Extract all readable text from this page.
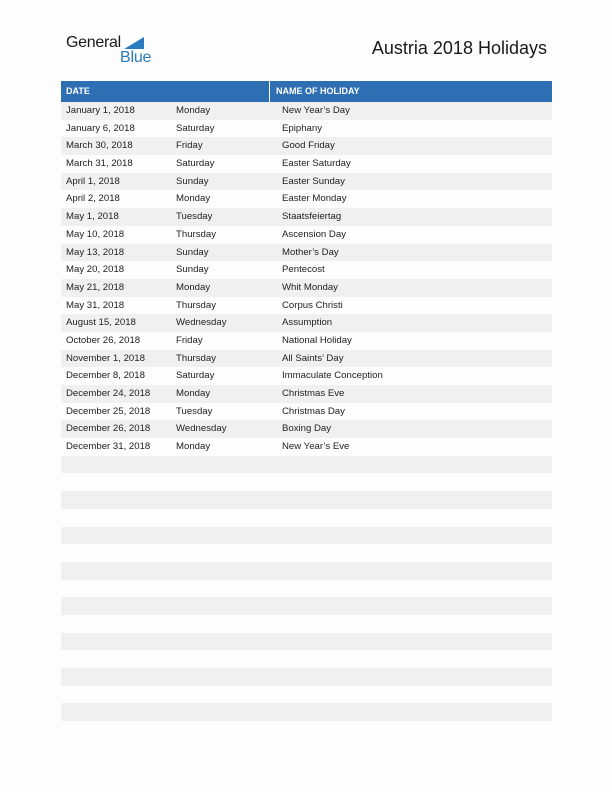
General
Blue	Austria 2018 Holidays
DATE	NAME OF HOLIDAY
January 1, 2018	Monday	New Year’s Day
January 6, 2018	Saturday	Epiphany
March 30, 2018	Friday	Good Friday
March 31, 2018	Saturday	Easter Saturday
April 1, 2018	Sunday	Easter Sunday
April 2, 2018	Monday	Easter Monday
May 1, 2018	Tuesday	Staatsfeiertag
May 10, 2018	Thursday	Ascension Day
May 13, 2018	Sunday	Mother’s Day
May 20, 2018	Sunday	Pentecost
May 21, 2018	Monday	Whit Monday
May 31, 2018	Thursday	Corpus Christi
August 15, 2018	Wednesday	Assumption
October 26, 2018	Friday	National Holiday
November 1, 2018	Thursday	All Saints’ Day
December 8, 2018	Saturday	Immaculate Conception
December 24, 2018	Monday	Christmas Eve
December 25, 2018	Tuesday	Christmas Day
December 26, 2018	Wednesday	Boxing Day
December 31, 2018	Monday	New Year’s Eve
